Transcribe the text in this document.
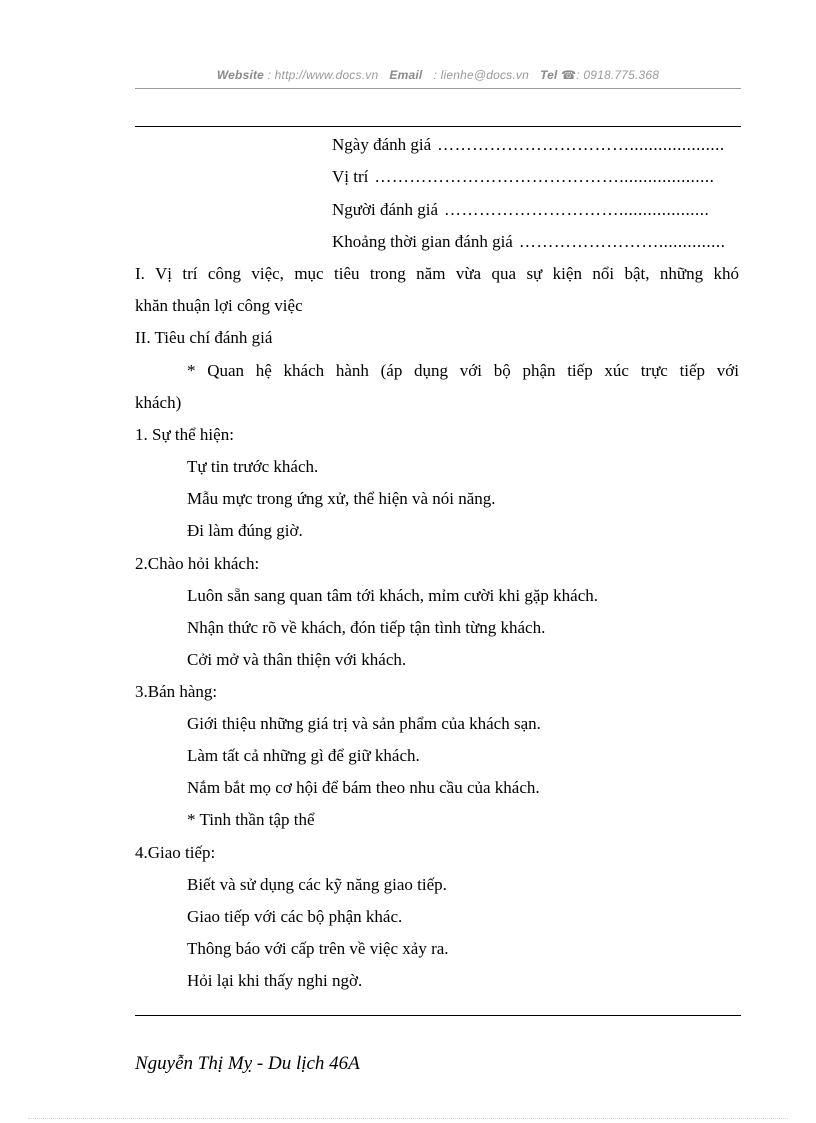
Website : http://www.docs.vn Email : lienhe@docs.vn Tel ☎: 0918.775.368
Ngày đánh giá ……………………………....................
Vị trí ……………………………………....................
Người đánh giá …………………………...................
Khoảng thời gian đánh giá ……………………..............
I. Vị trí công việc, mục tiêu trong năm vừa qua sự kiện nổi bật, những khó
khăn thuận lợi công việc
II. Tiêu chí đánh giá
* Quan hệ khách hành (áp dụng với bộ phận tiếp xúc trực tiếp với
khách)
1. Sự thể hiện:
Tự tin trước khách.
Mẫu mực trong ứng xử, thể hiện và nói năng.
Đi làm đúng giờ.
2.Chào hỏi khách:
Luôn sẵn sang quan tâm tới khách, mỉm cười khi gặp khách.
Nhận thức rõ về khách, đón tiếp tận tình từng khách.
Cởi mở và thân thiện với khách.
3.Bán hàng:
Giới thiệu những giá trị và sản phẩm của khách sạn.
Làm tất cả những gì để giữ khách.
Nắm bắt mọ cơ hội để bám theo nhu cầu của khách.
* Tinh thần tập thể
4.Giao tiếp:
Biết và sử dụng các kỹ năng giao tiếp.
Giao tiếp với các bộ phận khác.
Thông báo với cấp trên về việc xảy ra.
Hỏi lại khi thấy nghi ngờ.
Nguyễn Thị Mỵ - Du lịch 46A
